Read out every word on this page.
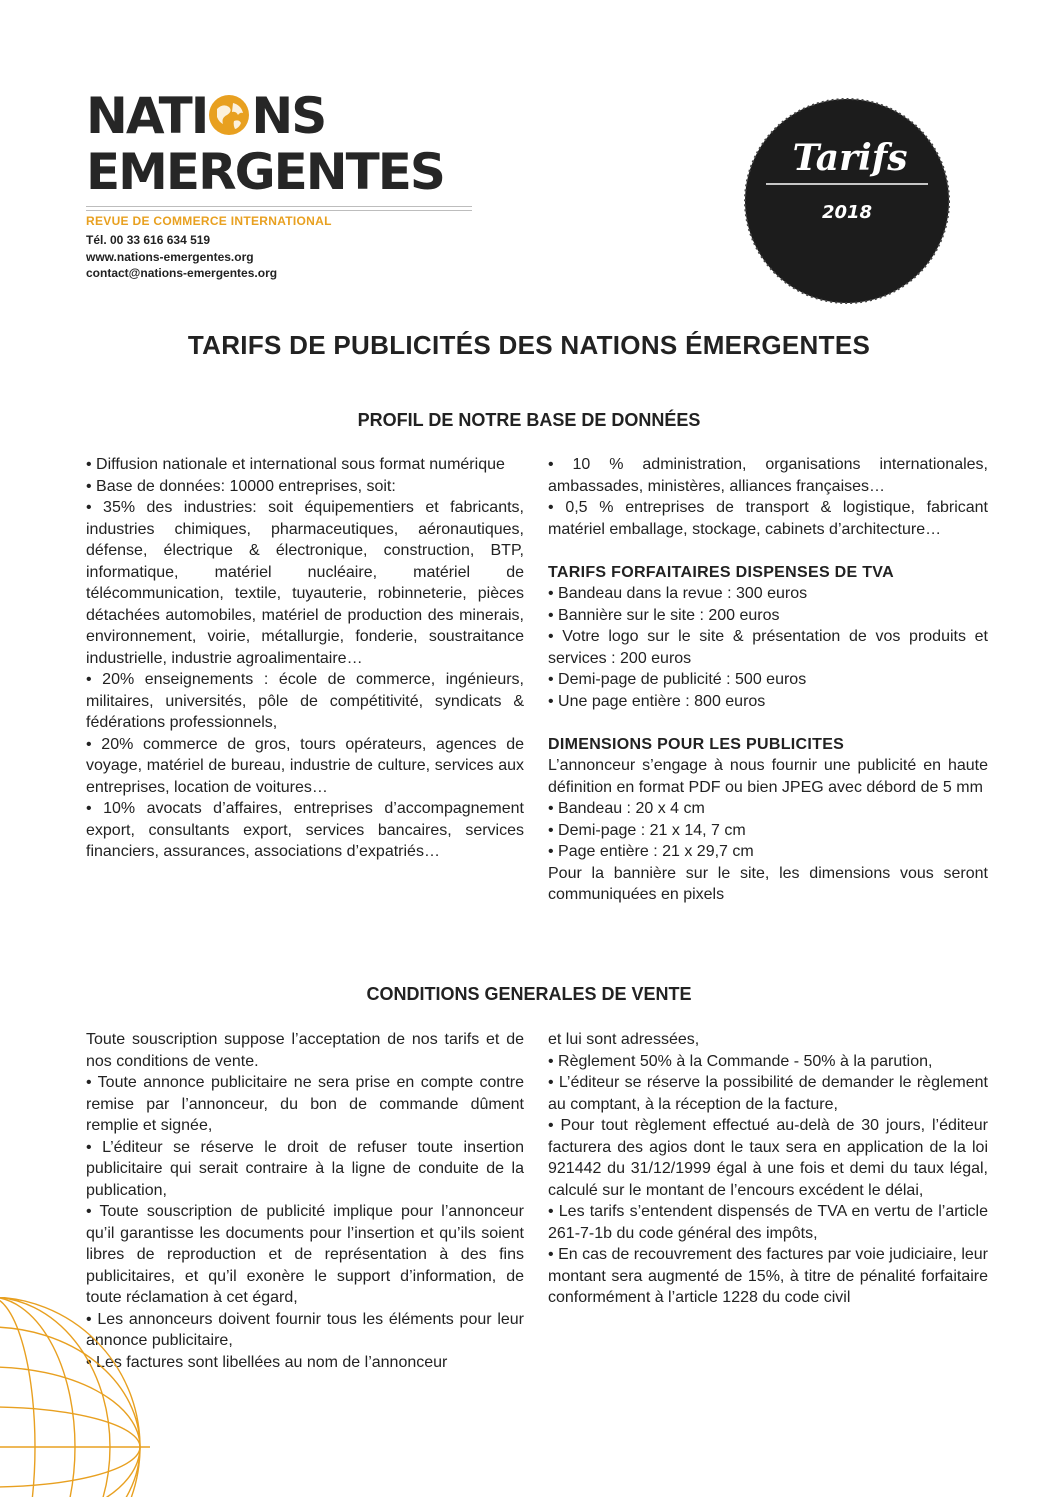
NATI NS
EMERGENTES
REVUE DE COMMERCE INTERNATIONAL
Tél. 00 33 616 634 519
www.nations-emergentes.org
contact@nations-emergentes.org
Tarifs
2018
TARIFS DE PUBLICITÉS DES NATIONS ÉMERGENTES
PROFIL DE NOTRE BASE DE DONNÉES

• Diffusion nationale et international sous format numérique

• Base de données: 10000 entreprises, soit:

• 35% des industries: soit équipementiers et fabricants, industries chimiques, pharmaceutiques, aéronautiques, défense, électrique & électronique, construction, BTP, informatique, matériel nucléaire, matériel de télécommunication, textile, tuyauterie, robinneterie, pièces détachées automobiles, matériel de production des minerais, environnement, voirie, métallurgie, fonderie, soustraitance industrielle, industrie agroalimentaire…

• 20% enseignements : école de commerce, ingénieurs, militaires, universités, pôle de compétitivité, syndicats & fédérations professionnels,

• 20% commerce de gros, tours opérateurs, agences de voyage, matériel de bureau, industrie de culture, services aux entreprises, location de voitures…

• 10% avocats d’affaires, entreprises d’accompagnement export, consultants export, services bancaires, services financiers, assurances, associations d’expatriés…

• 10 % administration, organisations internationales, ambassades, ministères, alliances françaises…

• 0,5 % entreprises de transport & logistique, fabricant matériel emballage, stockage, cabinets d’architecture…

TARIFS FORFAITAIRES DISPENSES DE TVA

• Bandeau dans la revue : 300 euros

• Bannière sur le site : 200 euros

• Votre logo sur le site & présentation de vos produits et services : 200 euros

• Demi-page de publicité : 500 euros

• Une page entière : 800 euros

DIMENSIONS POUR LES PUBLICITES

L’annonceur s’engage à nous fournir une publicité en haute définition en format PDF ou bien JPEG avec débord de 5 mm

• Bandeau : 20 x 4 cm

• Demi-page : 21 x 14, 7 cm

• Page entière : 21 x 29,7 cm

Pour la bannière sur le site, les dimensions vous seront communiquées en pixels

CONDITIONS GENERALES DE VENTE

Toute souscription suppose l’acceptation de nos tarifs et de nos conditions de vente.

• Toute annonce publicitaire ne sera prise en compte contre remise par l’annonceur, du bon de commande dûment remplie et signée,

• L’éditeur se réserve le droit de refuser toute insertion publicitaire qui serait contraire à la ligne de conduite de la publication,

• Toute souscription de publicité implique pour l’annonceur qu’il garantisse les documents pour l’insertion et qu’ils soient libres de reproduction et de représentation à des fins publicitaires, et qu’il exonère le support d’information, de toute réclamation à cet égard,

• Les annonceurs doivent fournir tous les éléments pour leur annonce publicitaire,

• Les factures sont libellées au nom de l’annonceur

et lui sont adressées,

• Règlement 50% à la Commande - 50% à la parution,

• L’éditeur se réserve la possibilité de demander le règlement au comptant, à la réception de la facture,

• Pour tout règlement effectué au-delà de 30 jours, l’éditeur facturera des agios dont le taux sera en application de la loi 921442 du 31/12/1999 égal à une fois et demi du taux légal, calculé sur le montant de l’encours excédent le délai,

• Les tarifs s’entendent dispensés de TVA en vertu de l’article 261-7-1b du code général des impôts,

• En cas de recouvrement des factures par voie judiciaire, leur montant sera augmenté de 15%, à titre de pénalité forfaitaire conformément à l’article 1228 du code civil
